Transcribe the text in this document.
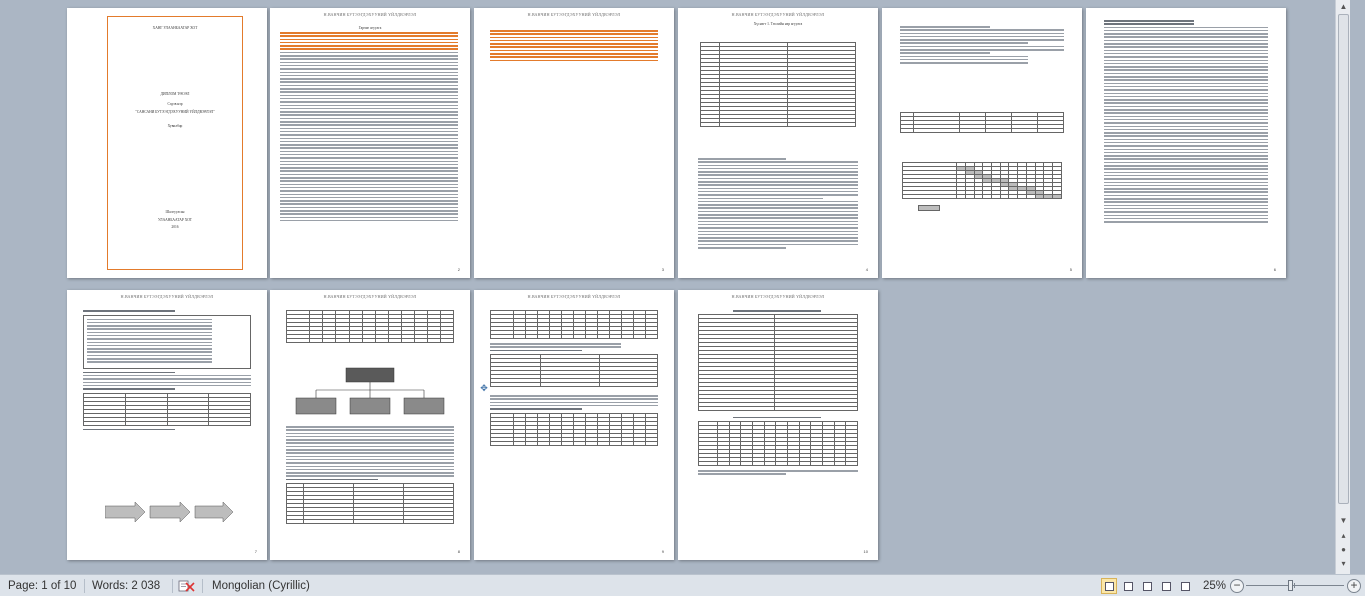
ХАНГ УЛААНБААТАР ХОТ
ДИПЛОМ ТӨСӨЛ
Сэдэв нэр
"САНСАНИ БУТЭЭГДЭХУУНИЙ ҮЙЛДВЭРЛЭЛ"
Хувилбар
Шалгуулсан
УЛААНБААТАР ХОТ
2016
Н.ВАНЧИН БУТЭЭГДЭХУУНИЙ ҮЙЛДВЭРЛЭЛ
Гарчиг агуулга
2
Н.ВАНЧИН БУТЭЭГДЭХУУНИЙ ҮЙЛДВЭРЛЭЛ
3
Н.ВАНЧИН БУТЭЭГДЭХУУНИЙ ҮЙЛДВЭРЛЭЛ
Хүснэгт 1. Төслийн нэр агуулга

4

													5	6
Н.ВАНЧИН БУТЭЭГДЭХУУНИЙ ҮЙЛДВЭРЛЭЛ

7
Н.ВАНЧИН БУТЭЭГДЭХУУНИЙ ҮЙЛДВЭРЛЭЛ

8
Н.ВАНЧИН БУТЭЭГДЭХУУНИЙ ҮЙЛДВЭРЛЭЛ

✥
9
Н.ВАНЧИН БУТЭЭГДЭХУУНИЙ ҮЙЛДВЭРЛЭЛ

10
▲
▼
▴
●
▾
Page: 1 of 10 Words: 2 038	Mongolian (Cyrillic)	25% −	+
